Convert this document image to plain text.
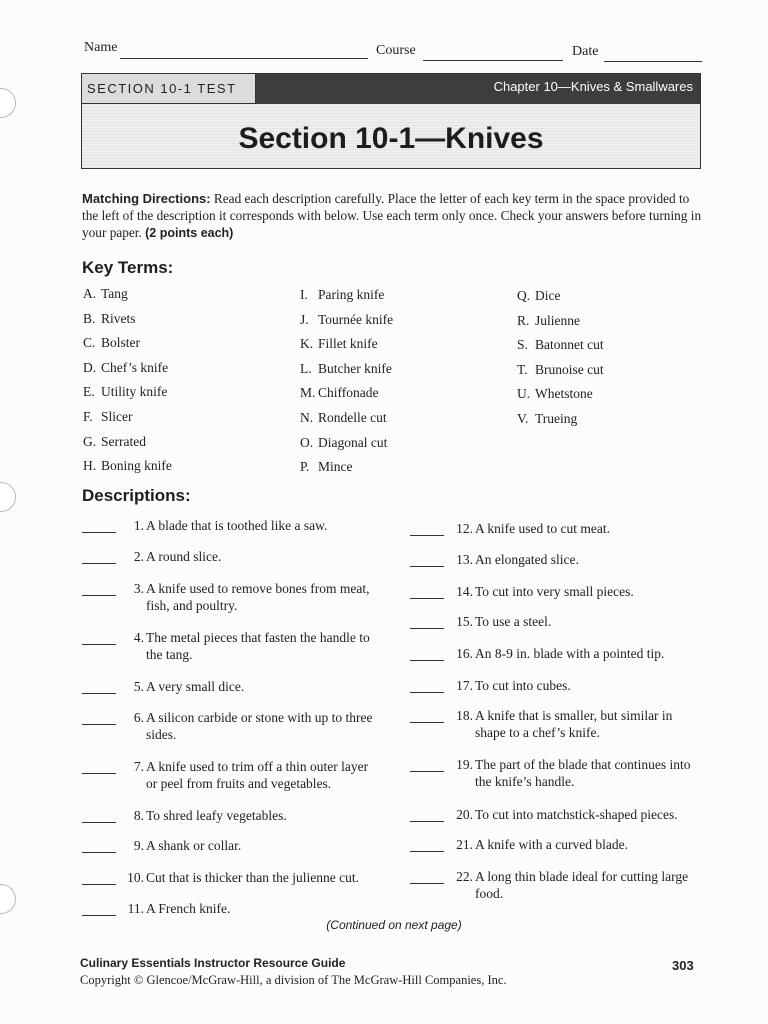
Name	Course	Date
SECTION 10-1 TEST	Chapter 10—Knives & Smallwares
Section 10-1—Knives
Matching Directions: Read each description carefully. Place the letter of each key term in the space provided to the left of the description it corresponds with below. Use each term only once. Check your answers before turning in your paper. (2 points each)
Key Terms:
A. Tang
B. Rivets
C. Bolster
D. Chef’s knife
E. Utility knife
F. Slicer
G. Serrated
H. Boning knife
I. Paring knife
J. Tournée knife
K. Fillet knife
L. Butcher knife
M. Chiffonade
N. Rondelle cut
O. Diagonal cut
P. Mince
Q. Dice
R. Julienne
S. Batonnet cut
T. Brunoise cut
U. Whetstone
V. Trueing
Descriptions:
1. A blade that is toothed like a saw.
2. A round slice.
3. A knife used to remove bones from meat, fish, and poultry.
4. The metal pieces that fasten the handle to the tang.
5. A very small dice.
6. A silicon carbide or stone with up to three sides.
7. A knife used to trim off a thin outer layer or peel from fruits and vegetables.
8. To shred leafy vegetables.
9. A shank or collar.
10. Cut that is thicker than the julienne cut.
11. A French knife.
12. A knife used to cut meat.
13. An elongated slice.
14. To cut into very small pieces.
15. To use a steel.
16. An 8-9 in. blade with a pointed tip.
17. To cut into cubes.
18. A knife that is smaller, but similar in shape to a chef’s knife.
19. The part of the blade that continues into the knife’s handle.
20. To cut into matchstick-shaped pieces.
21. A knife with a curved blade.
22. A long thin blade ideal for cutting large food.
(Continued on next page)
Culinary Essentials Instructor Resource Guide
Copyright © Glencoe/McGraw-Hill, a division of The McGraw-Hill Companies, Inc.
303
